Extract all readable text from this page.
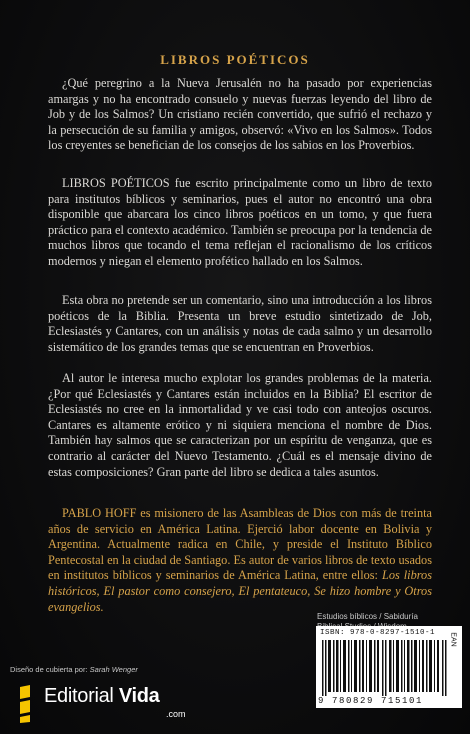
LIBROS POÉTICOS

¿Qué peregrino a la Nueva Jerusalén no ha pasado por experiencias amargas y no ha encontrado consuelo y nuevas fuerzas leyendo del libro de Job y de los Salmos? Un cristiano recién convertido, que sufrió el rechazo y la persecución de su familia y amigos, observó: «Vivo en los Salmos». Todos los creyentes se benefician de los consejos de los sabios en los Proverbios.

LIBROS POÉTICOS fue escrito principalmente como un libro de texto para institutos bíblicos y seminarios, pues el autor no encontró una obra disponible que abarcara los cinco libros poéticos en un tomo, y que fuera práctico para el contexto académico. También se preocupa por la tendencia de muchos libros que tocando el tema reflejan el racionalismo de los críticos modernos y niegan el elemento profético hallado en los Salmos.

Esta obra no pretende ser un comentario, sino una introducción a los libros poéticos de la Biblia. Presenta un breve estudio sintetizado de Job, Eclesiastés y Cantares, con un análisis y notas de cada salmo y un desarrollo sistemático de los grandes temas que se encuentran en Proverbios.

Al autor le interesa mucho explotar los grandes problemas de la materia. ¿Por qué Eclesiastés y Cantares están incluidos en la Biblia? El escritor de Eclesiastés no cree en la inmortalidad y ve casi todo con anteojos oscuros. Cantares es altamente erótico y ni siquiera menciona el nombre de Dios. También hay salmos que se caracterizan por un espíritu de venganza, que es contrario al carácter del Nuevo Testamento. ¿Cuál es el mensaje divino de estas composiciones? Gran parte del libro se dedica a tales asuntos.

PABLO HOFF es misionero de las Asambleas de Dios con más de treinta años de servicio en América Latina. Ejerció labor docente en Bolivia y Argentina. Actualmente radica en Chile, y preside el Instituto Bíblico Pentecostal en la ciudad de Santiago. Es autor de varios libros de texto usados en institutos bíblicos y seminarios de América Latina, entre ellos: Los libros históricos, El pastor como consejero, El pentateuco, Se hizo hombre y Otros evangelios.

Estudios bíblicos / Sabiduría
Diseño de cubierta por: Sarah Wenger
ISBN: 978-0-8297-1510-1	EAN
9 780829 715101
Editorial Vida
.com
